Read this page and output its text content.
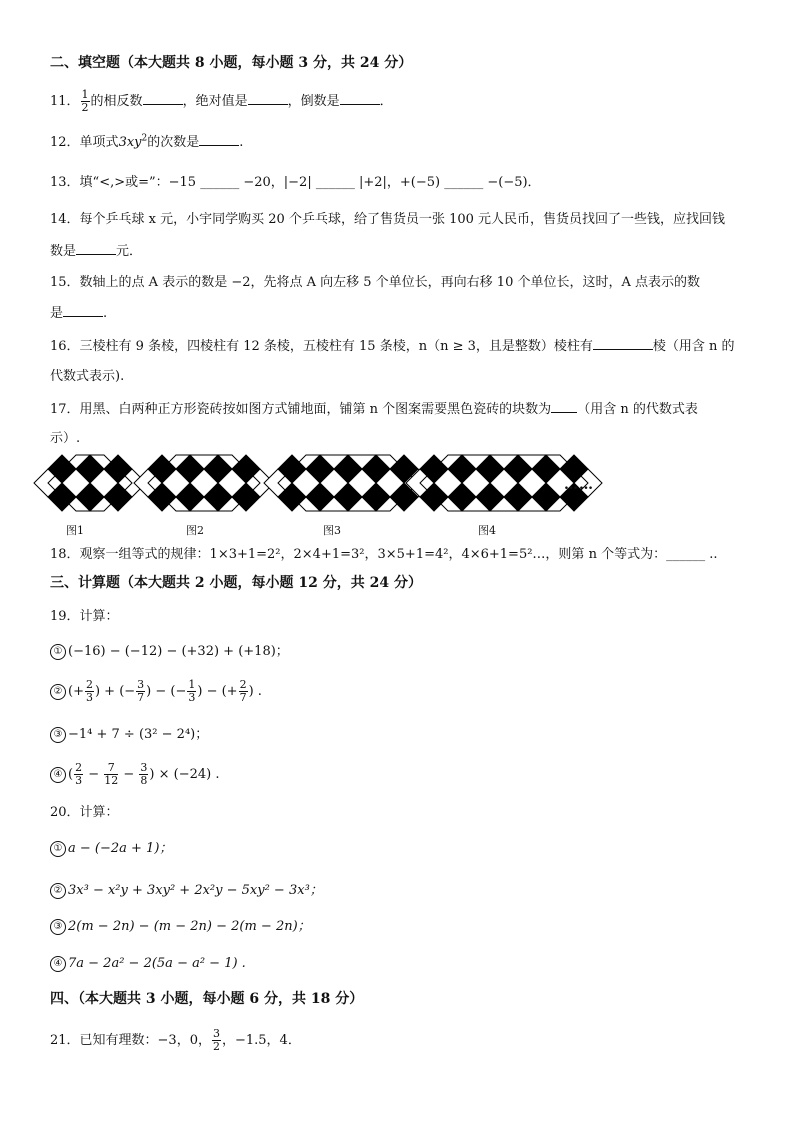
二、填空题（本大题共 8 小题，每小题 3 分，共 24 分）
11． $\frac{1}{2}$ 的相反数	，绝对值是	，倒数是	．
12．单项式$3xy^2$的次数是	.
13．填“<,>或=”：−15 ______ −20，|−2| ______ |+2|，+(−5) ______ −(−5)．
14．每个乒乓球 x 元，小宇同学购买 20 个乒乓球，给了售货员一张 100 元人民币，售货员找回了一些钱，应找回钱
数是	元．
15．数轴上的点 A 表示的数是 −2，先将点 A 向左移 5 个单位长，再向右移 10 个单位长，这时，A 点表示的数
是	.
16．三棱柱有 9 条棱，四棱柱有 12 条棱，五棱柱有 15 条棱，n（n ≥ 3，且是整数）棱柱有	棱（用含 n 的
代数式表示).
17．用黑、白两种正方形瓷砖按如图方式铺地面，铺第 n 个图案需要黑色瓷砖的块数为 （用含 n 的代数式表
示）.
图1	图2	图3	图4
……
18．观察一组等式的规律：1×3+1=2²，2×4+1=3²，3×5+1=4²，4×6+1=5²…，则第 n 个等式为：______ ..
三、计算题（本大题共 2 小题，每小题 12 分，共 24 分）
19．计算：
① (−16) − (−12) − (+32) + (+18)；
② (+ $\frac{2}{3}$ ) + (− $\frac{3}{7}$ ) − (− $\frac{1}{3}$ ) − (+ $\frac{2}{7}$ ) .
③ −1⁴ + 7 ÷ (3² − 2⁴)；
④ ( $\frac{2}{3} - \frac{7}{12} - \frac{3}{8}$ ) × (−24) .
20．计算：
① a − (−2a + 1)；
② 3x³ − x²y + 3xy² + 2x²y − 5xy² − 3x³；
③ 2(m − 2n) − (m − 2n) − 2(m − 2n)；
④ 7a − 2a² − 2(5a − a² − 1) .
四、（本大题共 3 小题，每小题 6 分，共 18 分）
21．已知有理数：−3，0， $\frac{3}{2}$ ，−1.5，4．
